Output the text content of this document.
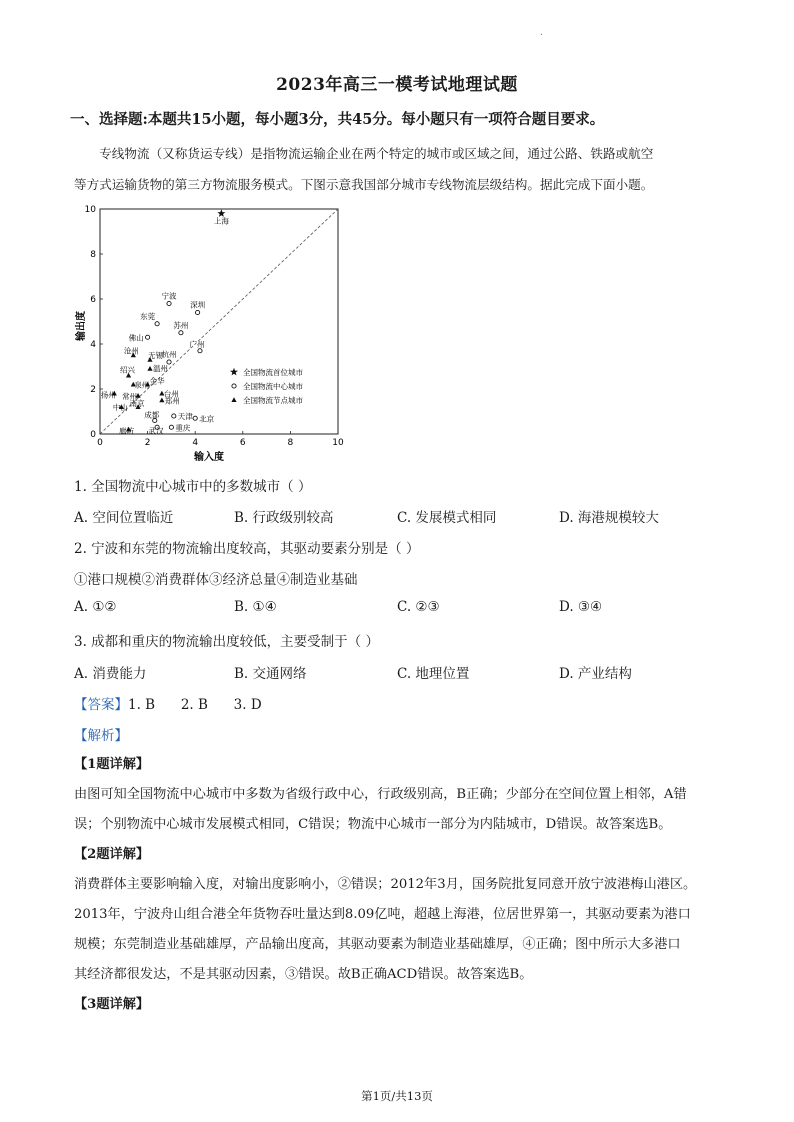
.
2023年高三一模考试地理试题
一、选择题:本题共15小题，每小题3分，共45分。每小题只有一项符合题目要求。

专线物流（又称货运专线）是指物流运输企业在两个特定的城市或区域之间，通过公路、铁路或航空

等方式运输货物的第三方物流服务模式。下图示意我国部分城市专线物流层级结构。据此完成下面小题。

0	2	4	6	8	10
0
2
4
6
8
10
上海
宁波
深圳
东莞
苏州
佛山
广州
杭州
天津 北京
成都
重庆
武汉
沧州 无锡
温州
绍兴
金华
泉州
扬州	台州
常州	郑州
中山 南京
廊坊
全国物流首位城市
全国物流中心城市
全国物流节点城市
输出度
输入度
1. 全国物流中心城市中的多数城市（ ）
A. 空间位置临近	B. 行政级别较高	C. 发展模式相同	D. 海港规模较大
2. 宁波和东莞的物流输出度较高，其驱动要素分别是（ ）
①港口规模②消费群体③经济总量④制造业基础
A. ①②	B. ①④	C. ②③	D. ③④
3. 成都和重庆的物流输出度较低，主要受制于（ ）
A. 消费能力	B. 交通网络	C. 地理位置	D. 产业结构
【答案】1. B      2. B      3. D
【解析】

【1题详解】

由图可知全国物流中心城市中多数为省级行政中心，行政级别高，B正确；少部分在空间位置上相邻，A错

误；个别物流中心城市发展模式相同，C错误；物流中心城市一部分为内陆城市，D错误。故答案选B。

【2题详解】

消费群体主要影响输入度，对输出度影响小，②错误；2012年3月，国务院批复同意开放宁波港梅山港区。

2013年，宁波舟山组合港全年货物吞吐量达到8.09亿吨，超越上海港，位居世界第一，其驱动要素为港口

规模；东莞制造业基础雄厚，产品输出度高，其驱动要素为制造业基础雄厚，④正确；图中所示大多港口

其经济都很发达，不是其驱动因素，③错误。故B正确ACD错误。故答案选B。

【3题详解】

第1页/共13页
